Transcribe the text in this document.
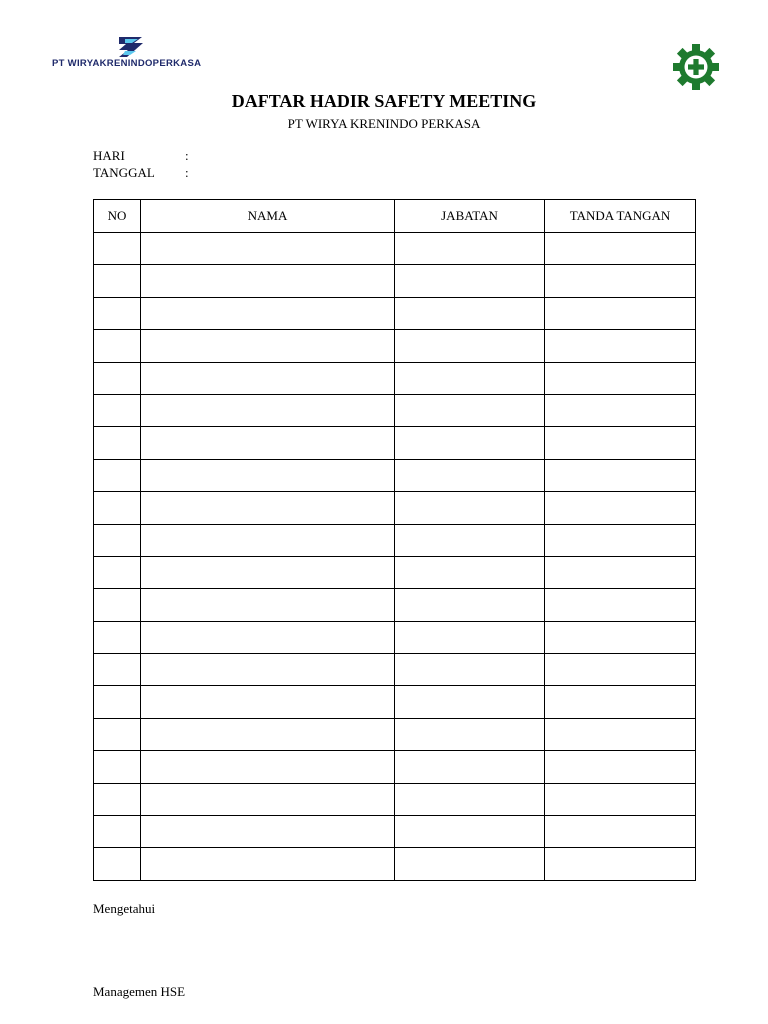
PT WIRYAKRENINDOPERKASA
DAFTAR HADIR SAFETY MEETING
PT WIRYA KRENINDO PERKASA
HARI	:
TANGGAL :
NO	NAMA	JABATAN	TANDA TANGAN

Mengetahui
Managemen HSE
